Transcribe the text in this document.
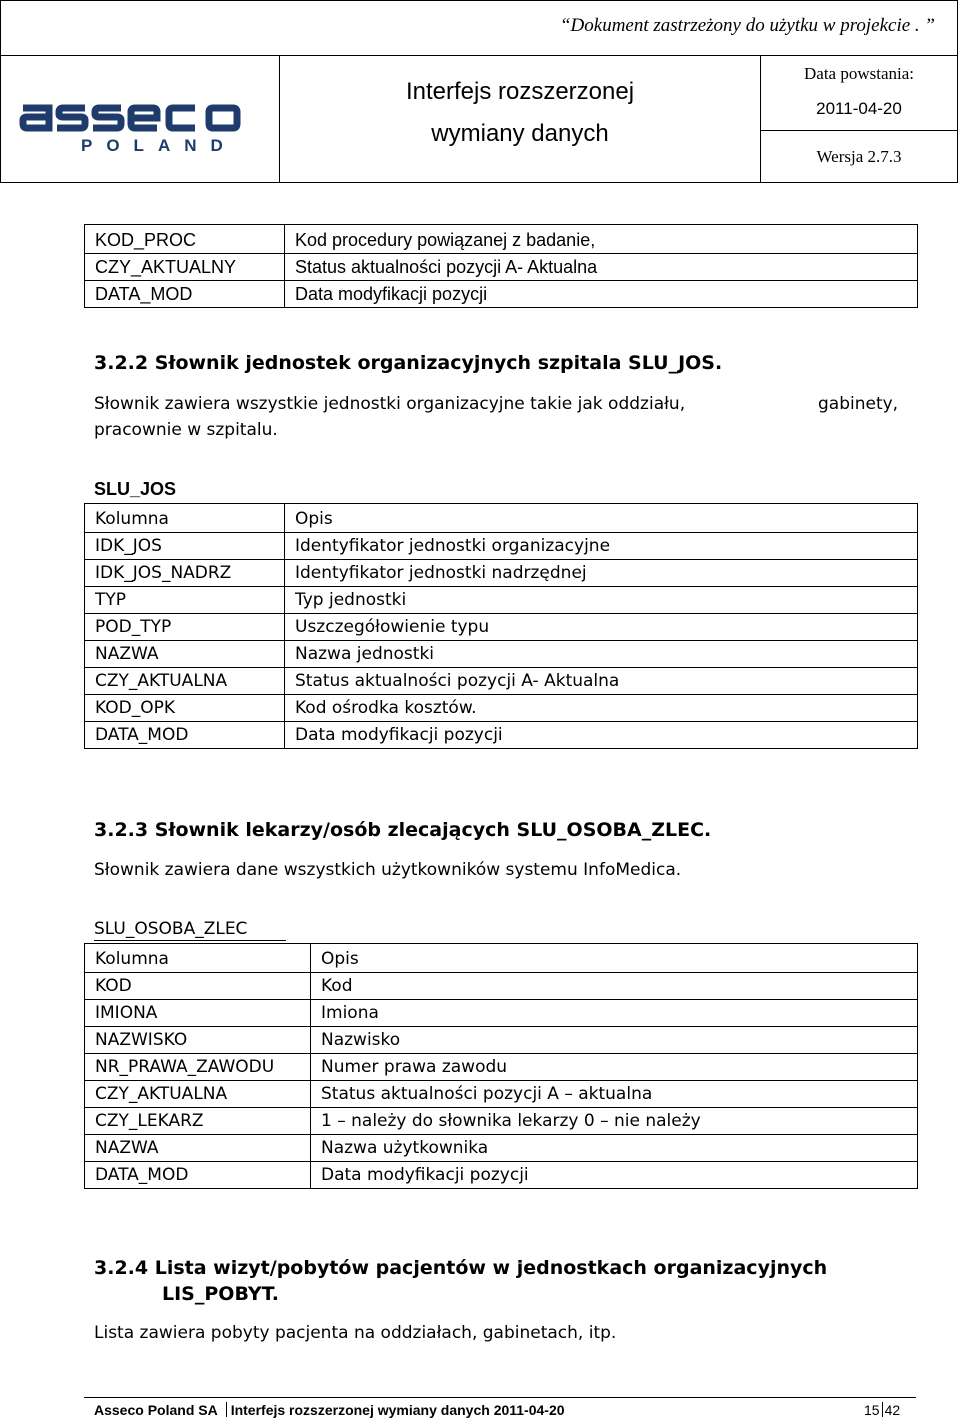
“Dokument zastrzeżony do użytku w projekcie . ”
POLAND
Interfejs rozszerzonej
wymiany danych
Data powstania:
2011-04-20
Wersja 2.7.3
KOD_PROC	Kod procedury powiązanej z badanie,
CZY_AKTUALNY	Status aktualności pozycji A- Aktualna
DATA_MOD	Data modyfikacji pozycji
3.2.2 Słownik jednostek organizacyjnych szpitala SLU_JOS.
Słownik zawiera wszystkie jednostki organizacyjne takie jak oddziału,	gabinety,
pracownie w szpitalu.
SLU_JOS
Kolumna	Opis
IDK_JOS	Identyfikator jednostki organizacyjne
IDK_JOS_NADRZ	Identyfikator jednostki nadrzędnej
TYP	Typ jednostki
POD_TYP	Uszczegółowienie typu
NAZWA	Nazwa jednostki
CZY_AKTUALNA	Status aktualności pozycji A- Aktualna
KOD_OPK	Kod ośrodka kosztów.
DATA_MOD	Data modyfikacji pozycji
3.2.3 Słownik lekarzy/osób zlecających SLU_OSOBA_ZLEC.
Słownik zawiera dane wszystkich użytkowników systemu InfoMedica.
SLU_OSOBA_ZLEC
Kolumna	Opis
KOD	Kod
IMIONA	Imiona
NAZWISKO	Nazwisko
NR_PRAWA_ZAWODU	Numer prawa zawodu
CZY_AKTUALNA	Status aktualności pozycji A – aktualna
CZY_LEKARZ	1 – należy do słownika lekarzy 0 – nie należy
NAZWA	Nazwa użytkownika
DATA_MOD	Data modyfikacji pozycji
3.2.4 Lista wizyt/pobytów pacjentów w jednostkach organizacyjnych
LIS_POBYT.
Lista zawiera pobyty pacjenta na oddziałach, gabinetach, itp.
Asseco Poland SA Interfejs rozszerzonej wymiany danych 2011-04-20	15 42
